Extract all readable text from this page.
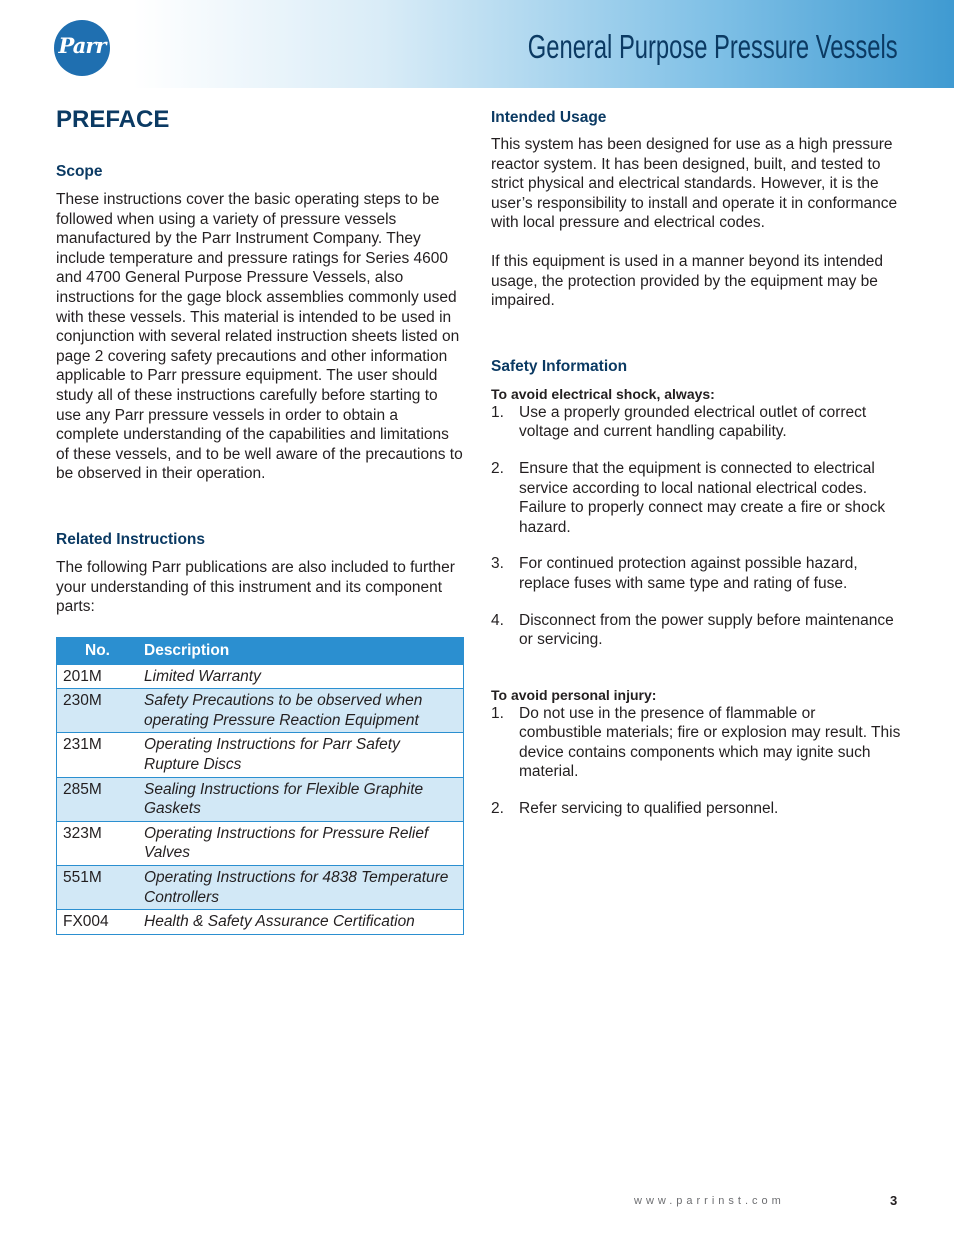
Parr	General Purpose Pressure Vessels
PREFACE
Scope

These instructions cover the basic operating steps to be followed when using a variety of pressure vessels manufactured by the Parr Instrument Company. They include temperature and pressure ratings for Series 4600 and 4700 General Purpose Pressure Vessels, also instructions for the gage block assemblies commonly used with these vessels. This material is intended to be used in conjunction with several related instruction sheets listed on page 2 covering safety precautions and other information applicable to Parr pressure equipment. The user should study all of these instructions carefully before starting to use any Parr pressure vessels in order to obtain a complete understanding of the capabilities and limitations of these vessels, and to be well aware of the precautions to be observed in their operation.

Related Instructions

The following Parr publications are also included to further your understanding of this instrument and its component parts:

No.	Description
201M	Limited Warranty
230M	Safety Precautions to be observed when operating Pressure Reaction Equipment
231M	Operating Instructions for Parr Safety Rupture Discs
285M	Sealing Instructions for Flexible Graphite Gaskets
323M	Operating Instructions for Pressure Relief Valves
551M	Operating Instructions for 4838 Temperature Controllers
FX004	Health & Safety Assurance Certification
Intended Usage

This system has been designed for use as a high pressure reactor system. It has been designed, built, and tested to strict physical and electrical standards. However, it is the user’s responsibility to install and operate it in conformance with local pressure and electrical codes.

If this equipment is used in a manner beyond its intended usage, the protection provided by the equipment may be impaired.

Safety Information
To avoid electrical shock, always:
1. Use a properly grounded electrical outlet of correct voltage and current handling capability.
2. Ensure that the equipment is connected to electrical service according to local national electrical codes. Failure to properly connect may create a fire or shock hazard.
3. For continued protection against possible hazard, replace fuses with same type and rating of fuse.
4. Disconnect from the power supply before maintenance or servicing.
To avoid personal injury:
1. Do not use in the presence of flammable or combustible materials; fire or explosion may result. This device contains components which may ignite such material.
2. Refer servicing to qualified personnel.
www.parrinst.com	3
